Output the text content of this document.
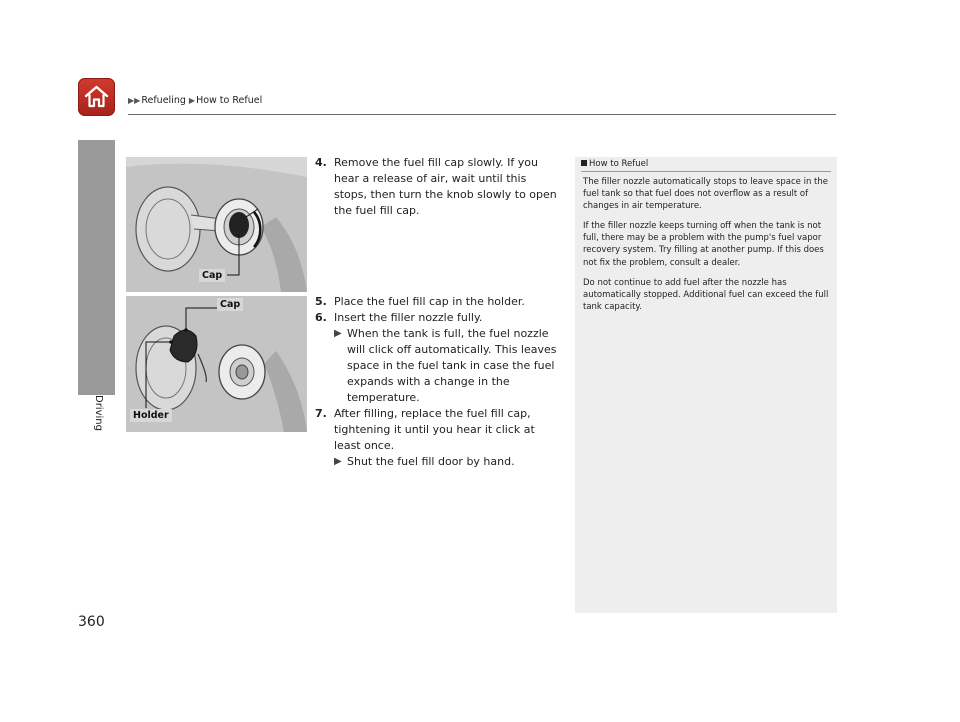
▶▶Refueling ▶How to Refuel
Driving
360
Cap
Cap
Holder
4. Remove the fuel fill cap slowly. If you hear a release of air, wait until this stops, then turn the knob slowly to open the fuel fill cap.
5. Place the fuel fill cap in the holder.
6. Insert the filler nozzle fully.
▶ When the tank is full, the fuel nozzle will click off automatically. This leaves space in the fuel tank in case the fuel expands with a change in the temperature.
7. After filling, replace the fuel fill cap, tightening it until you hear it click at least once.
▶ Shut the fuel fill door by hand.
How to Refuel

The filler nozzle automatically stops to leave space in the fuel tank so that fuel does not overflow as a result of changes in air temperature.

If the filler nozzle keeps turning off when the tank is not full, there may be a problem with the pump's fuel vapor recovery system. Try filling at another pump. If this does not fix the problem, consult a dealer.

Do not continue to add fuel after the nozzle has automatically stopped. Additional fuel can exceed the full tank capacity.
